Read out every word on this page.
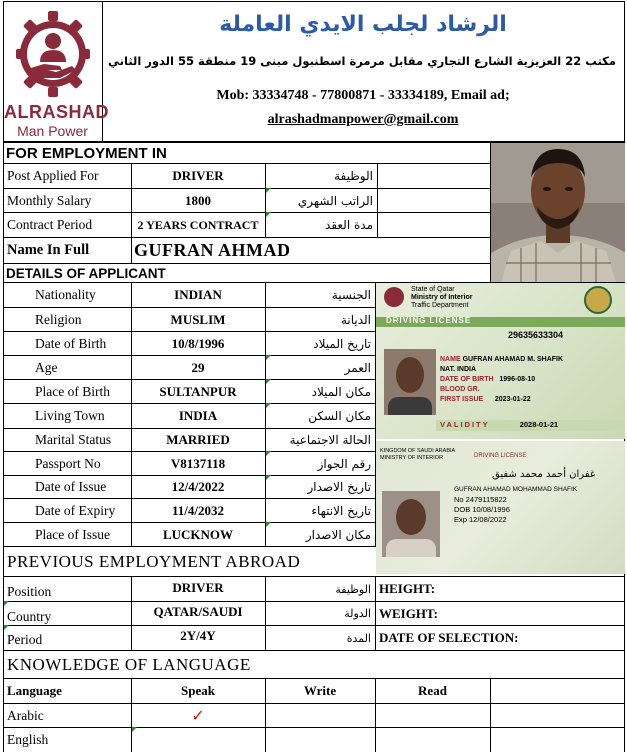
ALRASHAD
Man Power
الرشاد لجلب الايدي العاملة
مكتب 22 العزيزية الشارع التجاري مقابل مرمرة اسطنبول مبنى 19 منطقة 55 الدور الثاني
Mob: 33334748 - 77800871 - 33334189, Email ad;
alrashadmanpower@gmail.com
FOR EMPLOYMENT IN
Post Applied For	DRIVER	الوظيفة
Monthly Salary	1800	الراتب الشهري
Contract Period	2 YEARS CONTRACT	مدة العقد
Name In Full	GUFRAN AHMAD
DETAILS OF APPLICANT
Nationality	INDIAN	الجنسية
Religion	MUSLIM	الديانة
Date of Birth	10/8/1996	تاريخ الميلاد
Age	29	العمر
Place of Birth	SULTANPUR	مكان الميلاد
Living Town	INDIA	مكان السكن
Marital Status	MARRIED	الحالة الاجتماعية
Passport No	V8137118	رقم الجواز
Date of Issue	12/4/2022	تاريخ الاصدار
Date of Expiry	11/4/2032	تاريخ الانتهاء
Place of Issue	LUCKNOW	مكان الاصدار
State of Qatar
Ministry of Interior
Traffic Department
DRIVING LICENSE
29635633304
NAME GUFRAN AHAMAD M. SHAFIK
NAT. INDIA
DATE OF BIRTH 1996-08-10
BLOOD GR.
FIRST ISSUE 2023-01-22
VALIDITY	2028-01-21
KINGDOM OF SAUDI ARABIA
MINISTRY OF INTERIOR	DRIVING LICENSE
غفران أحمد محمد شفيق
GUFRAN AHAMAD MOHAMMAD SHAFIK
No 2479115822
DOB 10/08/1996
Exp 12/08/2022
PREVIOUS EMPLOYMENT ABROAD
Position	DRIVER	الوظيفة HEIGHT:
Country	QATAR/SAUDI	الدولة WEIGHT:
Period	2Y/4Y	المدة DATE OF SELECTION:
KNOWLEDGE OF LANGUAGE
Language	Speak	Write	Read
Arabic	✓
English
